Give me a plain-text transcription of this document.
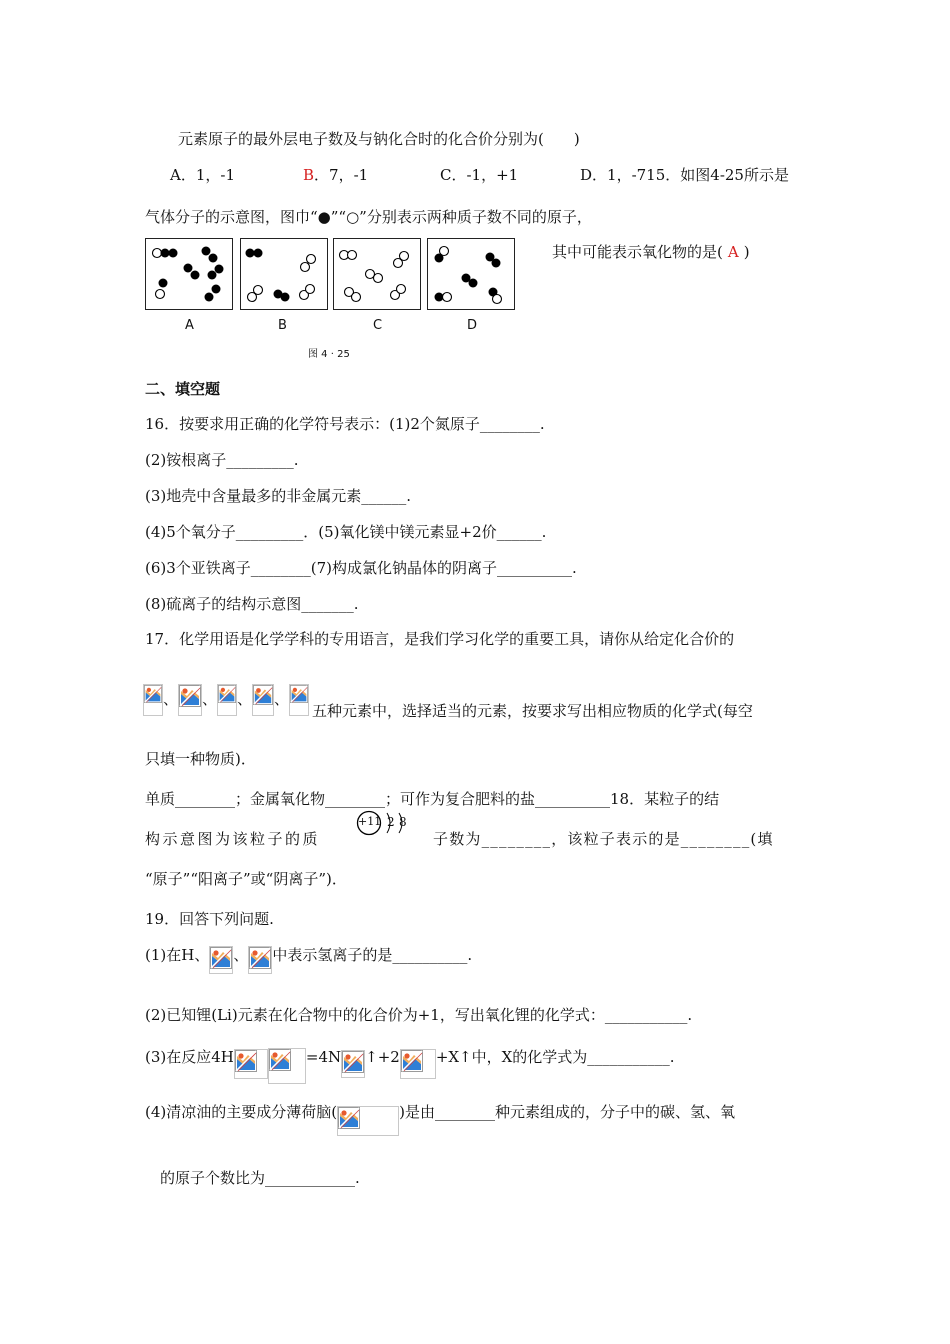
元素原子的最外层电子数及与钠化合时的化合价分别为(　　)
A．1，-1	B．7，-1	C．-1，+1	D．1，-715．如图4-25所示是
气体分子的示意图，图巾“●”“○”分别表示两种质子数不同的原子，
A	B	C	D
图 4 · 25
其中可能表示氧化物的是( A )
二、填空题
16．按要求用正确的化学符号表示：(1)2个氮原子________.
(2)铵根离子_________.
(3)地壳中含量最多的非金属元素______.
(4)5个氧分子_________．(5)氧化镁中镁元素显+2价______.
(6)3个亚铁离子________(7)构成氯化钠晶体的阴离子__________.
(8)硫离子的结构示意图_______.
17．化学用语是化学学科的专用语言，是我们学习化学的重要工具，请你从给定化合价的
、 、 、 、
五种元素中，选择适当的元素，按要求写出相应物质的化学式(每空
只填一种物质)．
单质________；金属氧化物________；可作为复合肥料的盐__________18．某粒子的结
构示意图为该粒子的质
+11 2 8
子数为________，该粒子表示的是________(填
“原子”“阳离子”或“阴离子”)．
19．回答下列问题.
(1)在H、 、 中表示氢离子的是__________.
(2)已知锂(Li)元素在化合物中的化合价为+1，写出氧化锂的化学式：___________.
(3)在反应4H	=4N ↑+2 +X↑中，X的化学式为___________.
(4)清凉油的主要成分薄荷脑(	)是由________种元素组成的，分子中的碳、氢、氧
的原子个数比为____________.
